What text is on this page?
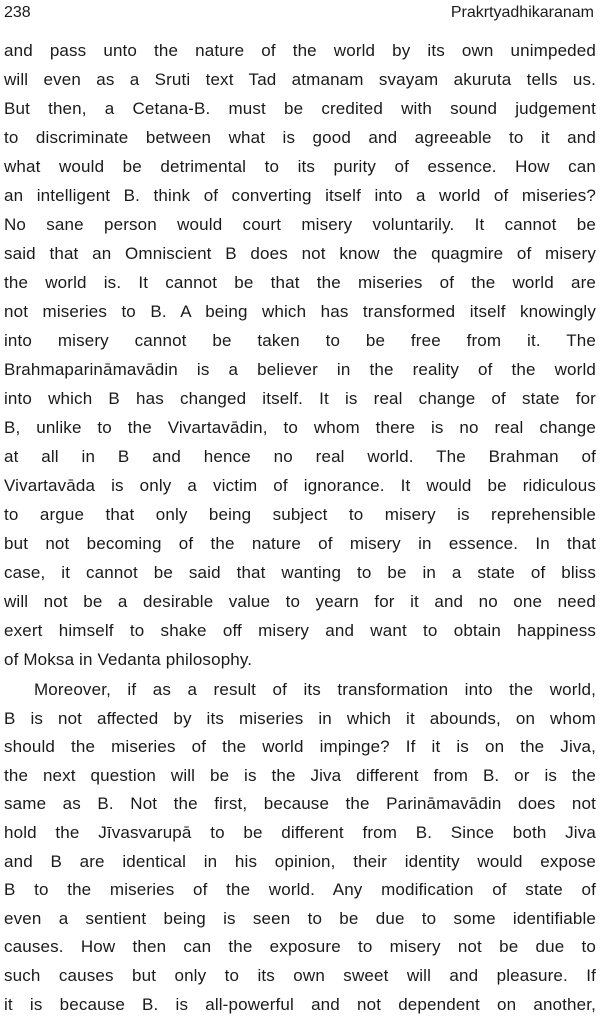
238	Prakrtyadhikaranam
and pass unto the nature of the world by its own unimpeded
will even as a Sruti text Tad atmanam svayam akuruta tells us.
But then, a Cetana-B. must be credited with sound judgement
to discriminate between what is good and agreeable to it and
what would be detrimental to its purity of essence. How can
an intelligent B. think of converting itself into a world of miseries?
No sane person would court misery voluntarily. It cannot be
said that an Omniscient B does not know the quagmire of misery
the world is. It cannot be that the miseries of the world are
not miseries to B. A being which has transformed itself knowingly
into misery cannot be taken to be free from it. The
Brahmaparināmavādin is a believer in the reality of the world
into which B has changed itself. It is real change of state for
B, unlike to the Vivartavādin, to whom there is no real change
at all in B and hence no real world. The Brahman of
Vivartavāda is only a victim of ignorance. It would be ridiculous
to argue that only being subject to misery is reprehensible
but not becoming of the nature of misery in essence. In that
case, it cannot be said that wanting to be in a state of bliss
will not be a desirable value to yearn for it and no one need
exert himself to shake off misery and want to obtain happiness
of Moksa in Vedanta philosophy.
Moreover, if as a result of its transformation into the world,
B is not affected by its miseries in which it abounds, on whom
should the miseries of the world impinge? If it is on the Jiva,
the next question will be is the Jiva different from B. or is the
same as B. Not the first, because the Parināmavādin does not
hold the Jīvasvarupā to be different from B. Since both Jiva
and B are identical in his opinion, their identity would expose
B to the miseries of the world. Any modification of state of
even a sentient being is seen to be due to some identifiable
causes. How then can the exposure to misery not be due to
such causes but only to its own sweet will and pleasure. If
it is because B. is all-powerful and not dependent on another,
